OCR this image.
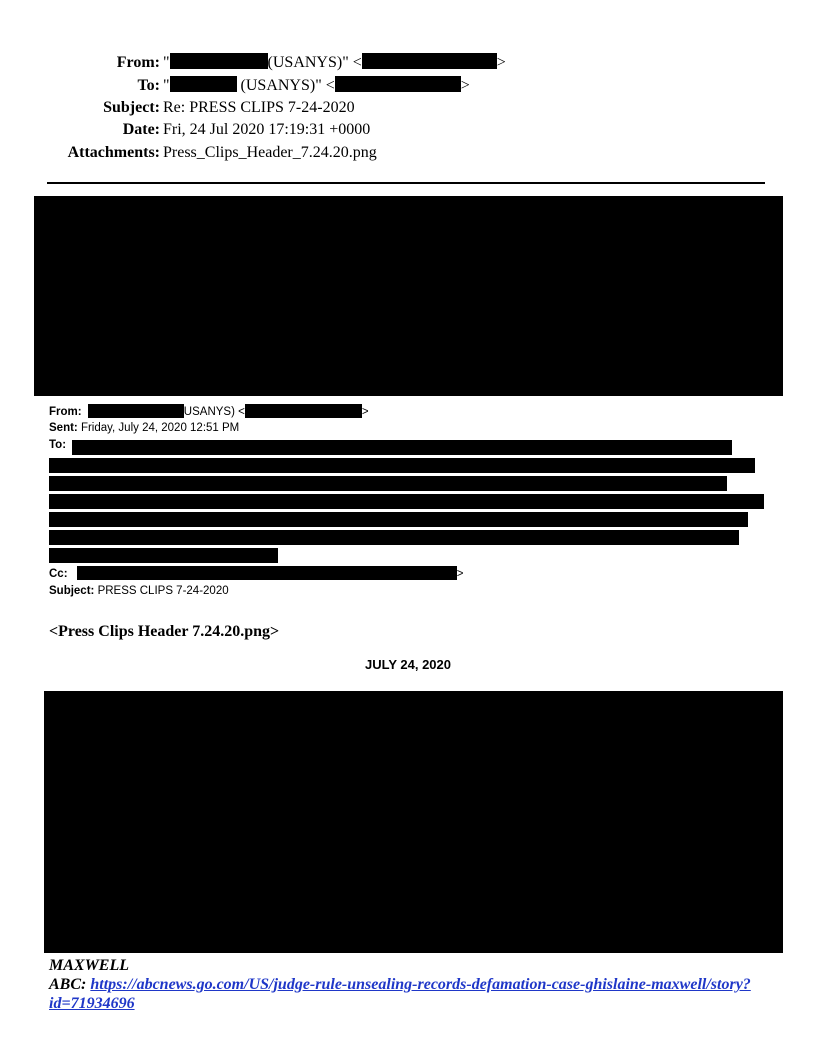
From: "	(USANYS)" <	>
To: "	(USANYS)" <	>
Subject: Re: PRESS CLIPS 7-24-2020
Date: Fri, 24 Jul 2020 17:19:31 +0000
Attachments: Press_Clips_Header_7.24.20.png
From:	USANYS) <	>
Sent: Friday, July 24, 2020 12:51 PM
To:
Cc:	>
Subject: PRESS CLIPS 7-24-2020
<Press Clips Header 7.24.20.png>
JULY 24, 2020
MAXWELL
ABC: https://abcnews.go.com/US/judge-rule-unsealing-records-defamation-case-ghislaine-maxwell/story?id=71934696
